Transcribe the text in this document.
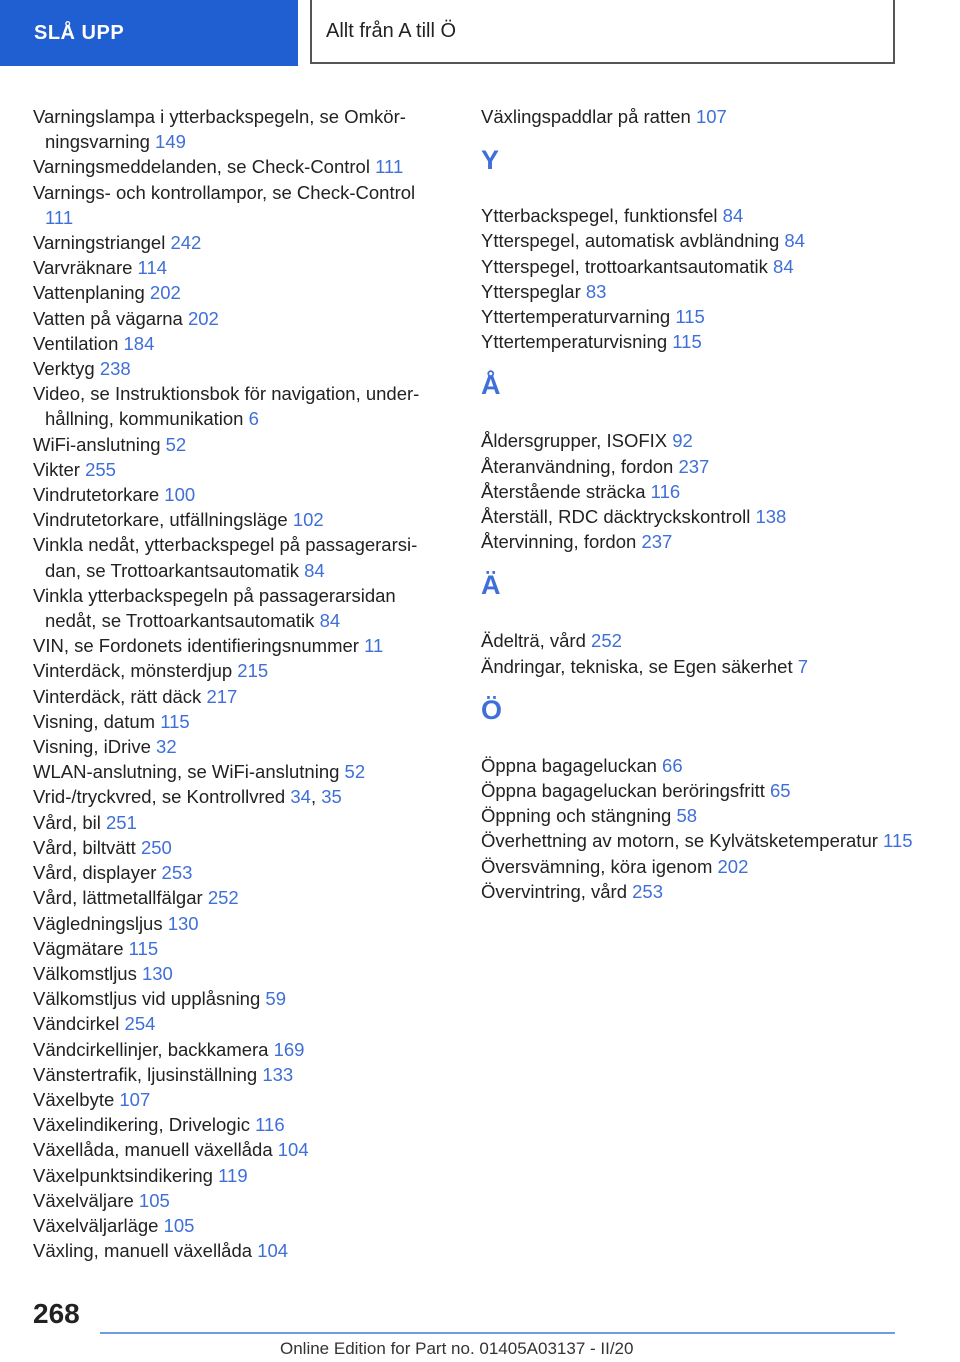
SLÅ UPP	Allt från A till Ö
Varningslampa i ytterbackspegeln, se Omkörningsvarning 149
Varningsmeddelanden, se Check-Control 111
Varnings- och kontrollampor, se Check-Control 111
Varningstriangel 242
Varvräknare 114
Vattenplaning 202
Vatten på vägarna 202
Ventilation 184
Verktyg 238
Video, se Instruktionsbok för navigation, underhållning, kommunikation 6
WiFi-anslutning 52
Vikter 255
Vindrutetorkare 100
Vindrutetorkare, utfällningsläge 102
Vinkla nedåt, ytterbackspegel på passagerarsidan, se Trottoarkantsautomatik 84
Vinkla ytterbackspegeln på passagerarsidan nedåt, se Trottoarkantsautomatik 84
VIN, se Fordonets identifieringsnummer 11
Vinterdäck, mönsterdjup 215
Vinterdäck, rätt däck 217
Visning, datum 115
Visning, iDrive 32
WLAN-anslutning, se WiFi-anslutning 52
Vrid-/tryckvred, se Kontrollvred 34, 35
Vård, bil 251
Vård, biltvätt 250
Vård, displayer 253
Vård, lättmetallfälgar 252
Vägledningsljus 130
Vägmätare 115
Välkomstljus 130
Välkomstljus vid upplåsning 59
Vändcirkel 254
Vändcirkellinjer, backkamera 169
Vänstertrafik, ljusinställning 133
Växelbyte 107
Växelindikering, Drivelogic 116
Växellåda, manuell växellåda 104
Växelpunktsindikering 119
Växelväljare 105
Växelväljarläge 105
Växling, manuell växellåda 104
Växlingspaddlar på ratten 107
Y
Ytterbackspegel, funktionsfel 84
Ytterspegel, automatisk avbländning 84
Ytterspegel, trottoarkantsautomatik 84
Ytterspeglar 83
Yttertemperaturvarning 115
Yttertemperaturvisning 115
Å
Åldersgrupper, ISOFIX 92
Återanvändning, fordon 237
Återstående sträcka 116
Återställ, RDC däcktryckskontroll 138
Återvinning, fordon 237
Ä
Ädelträ, vård 252
Ändringar, tekniska, se Egen säkerhet 7
Ö
Öppna bagageluckan 66
Öppna bagageluckan beröringsfritt 65
Öppning och stängning 58
Överhettning av motorn, se Kylvätsketemperatur 115
Översvämning, köra igenom 202
Övervintring, vård 253
268
Online Edition for Part no. 01405A03137 - II/20
